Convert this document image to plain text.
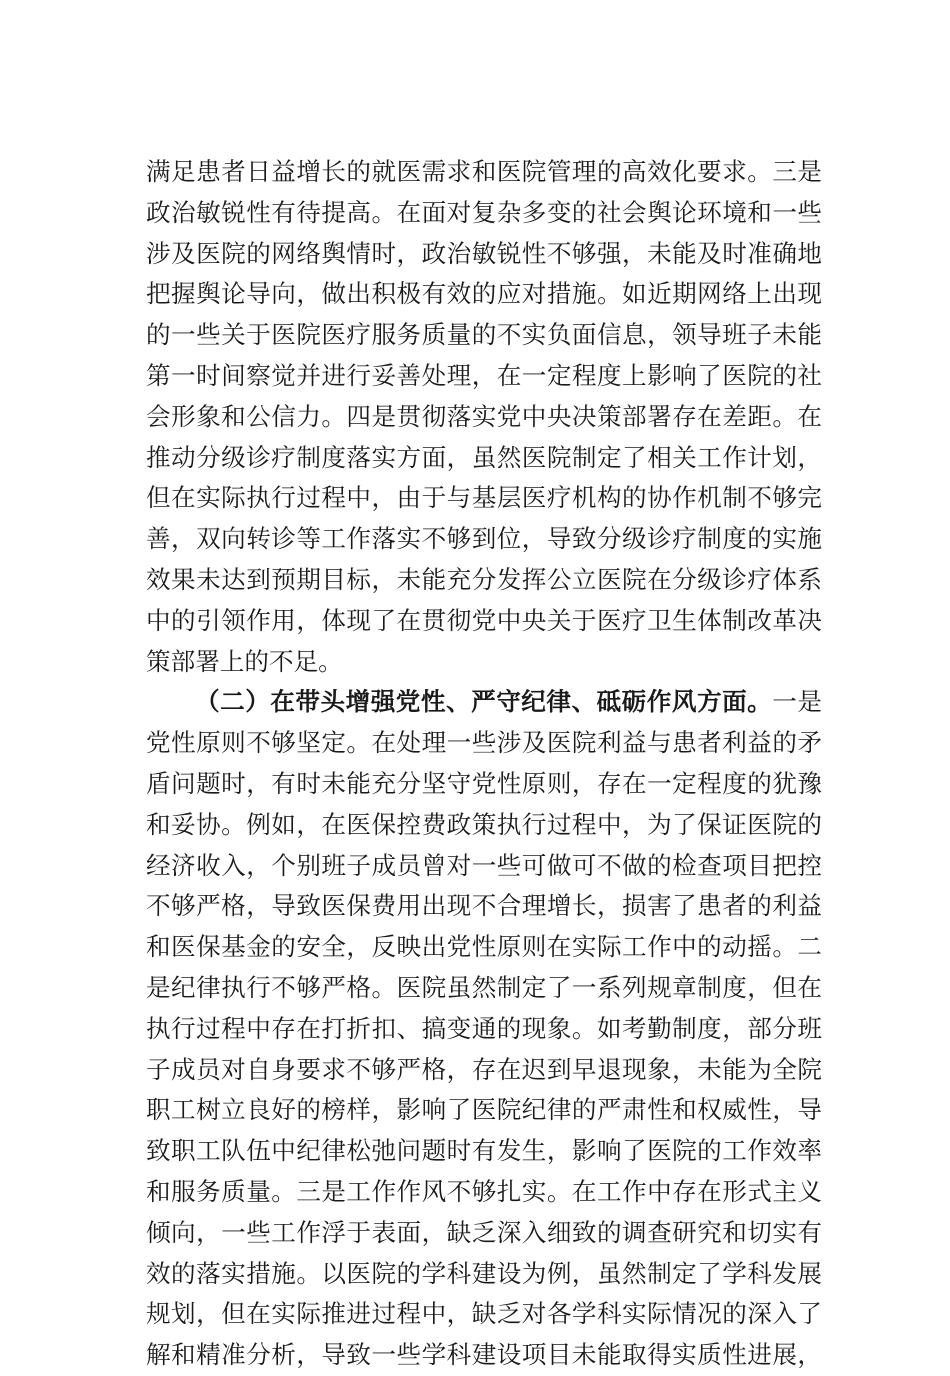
满足患者日益增长的就医需求和医院管理的高效化要求。三是
政治敏锐性有待提高。在面对复杂多变的社会舆论环境和一些
涉及医院的网络舆情时，政治敏锐性不够强，未能及时准确地
把握舆论导向，做出积极有效的应对措施。如近期网络上出现
的一些关于医院医疗服务质量的不实负面信息，领导班子未能
第一时间察觉并进行妥善处理，在一定程度上影响了医院的社
会形象和公信力。四是贯彻落实党中央决策部署存在差距。在
推动分级诊疗制度落实方面，虽然医院制定了相关工作计划，
但在实际执行过程中，由于与基层医疗机构的协作机制不够完
善，双向转诊等工作落实不够到位，导致分级诊疗制度的实施
效果未达到预期目标，未能充分发挥公立医院在分级诊疗体系
中的引领作用，体现了在贯彻党中央关于医疗卫生体制改革决
策部署上的不足。
（二）在带头增强党性、严守纪律、砥砺作风方面。一是
党性原则不够坚定。在处理一些涉及医院利益与患者利益的矛
盾问题时，有时未能充分坚守党性原则，存在一定程度的犹豫
和妥协。例如，在医保控费政策执行过程中，为了保证医院的
经济收入，个别班子成员曾对一些可做可不做的检查项目把控
不够严格，导致医保费用出现不合理增长，损害了患者的利益
和医保基金的安全，反映出党性原则在实际工作中的动摇。二
是纪律执行不够严格。医院虽然制定了一系列规章制度，但在
执行过程中存在打折扣、搞变通的现象。如考勤制度，部分班
子成员对自身要求不够严格，存在迟到早退现象，未能为全院
职工树立良好的榜样，影响了医院纪律的严肃性和权威性，导
致职工队伍中纪律松弛问题时有发生，影响了医院的工作效率
和服务质量。三是工作作风不够扎实。在工作中存在形式主义
倾向，一些工作浮于表面，缺乏深入细致的调查研究和切实有
效的落实措施。以医院的学科建设为例，虽然制定了学科发展
规划，但在实际推进过程中，缺乏对各学科实际情况的深入了
解和精准分析，导致一些学科建设项目未能取得实质性进展，
